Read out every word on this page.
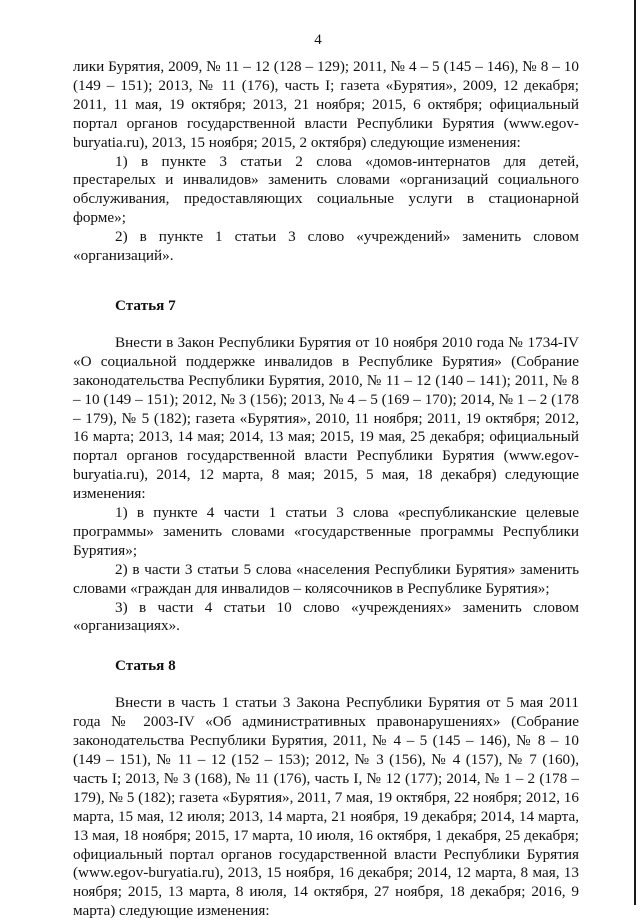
4

лики Бурятия, 2009, № 11 – 12 (128 – 129); 2011, № 4 – 5 (145 – 146), № 8 – 10 (149 – 151); 2013, № 11 (176), часть I; газета «Бурятия», 2009, 12 декабря; 2011, 11 мая, 19 октября; 2013, 21 ноября; 2015, 6 октября; официальный портал органов государственной власти Республики Бурятия (www.egov-buryatia.ru), 2013, 15 ноября; 2015, 2 октября) следующие изменения:

1) в пункте 3 статьи 2 слова «домов-интернатов для детей, престарелых и инвалидов» заменить словами «организаций социального обслуживания, предоставляющих социальные услуги в стационарной форме»;

2) в пункте 1 статьи 3 слово «учреждений» заменить словом «организаций».

Статья 7

Внести в Закон Республики Бурятия от 10 ноября 2010 года № 1734-IV «О социальной поддержке инвалидов в Республике Бурятия» (Собрание законодательства Республики Бурятия, 2010, № 11 – 12 (140 – 141); 2011, № 8 – 10 (149 – 151); 2012, № 3 (156); 2013, № 4 – 5 (169 – 170); 2014, № 1 – 2 (178 – 179), № 5 (182); газета «Бурятия», 2010, 11 ноября; 2011, 19 октября; 2012, 16 марта; 2013, 14 мая; 2014, 13 мая; 2015, 19 мая, 25 декабря; официальный портал органов государственной власти Республики Бурятия (www.egov-buryatia.ru), 2014, 12 марта, 8 мая; 2015, 5 мая, 18 декабря) следующие изменения:

1) в пункте 4 части 1 статьи 3 слова «республиканские целевые программы» заменить словами «государственные программы Республики Бурятия»;

2) в части 3 статьи 5 слова «населения Республики Бурятия» заменить словами «граждан для инвалидов – колясочников в Республике Бурятия»;

3) в части 4 статьи 10 слово «учреждениях» заменить словом «организациях».

Статья 8

Внести в часть 1 статьи 3 Закона Республики Бурятия от 5 мая 2011 года № 2003-IV «Об административных правонарушениях» (Собрание законодательства Республики Бурятия, 2011, № 4 – 5 (145 – 146), № 8 – 10 (149 – 151), № 11 – 12 (152 – 153); 2012, № 3 (156), № 4 (157), № 7 (160), часть I; 2013, № 3 (168), № 11 (176), часть I, № 12 (177); 2014, № 1 – 2 (178 – 179), № 5 (182); газета «Бурятия», 2011, 7 мая, 19 октября, 22 ноября; 2012, 16 марта, 15 мая, 12 июля; 2013, 14 марта, 21 ноября, 19 декабря; 2014, 14 марта, 13 мая, 18 ноября; 2015, 17 марта, 10 июля, 16 октября, 1 декабря, 25 декабря; официальный портал органов государственной власти Республики Бурятия (www.egov-buryatia.ru), 2013, 15 ноября, 16 декабря; 2014, 12 марта, 8 мая, 13 ноября; 2015, 13 марта, 8 июля, 14 октября, 27 ноября, 18 декабря; 2016, 9 марта) следующие изменения:
